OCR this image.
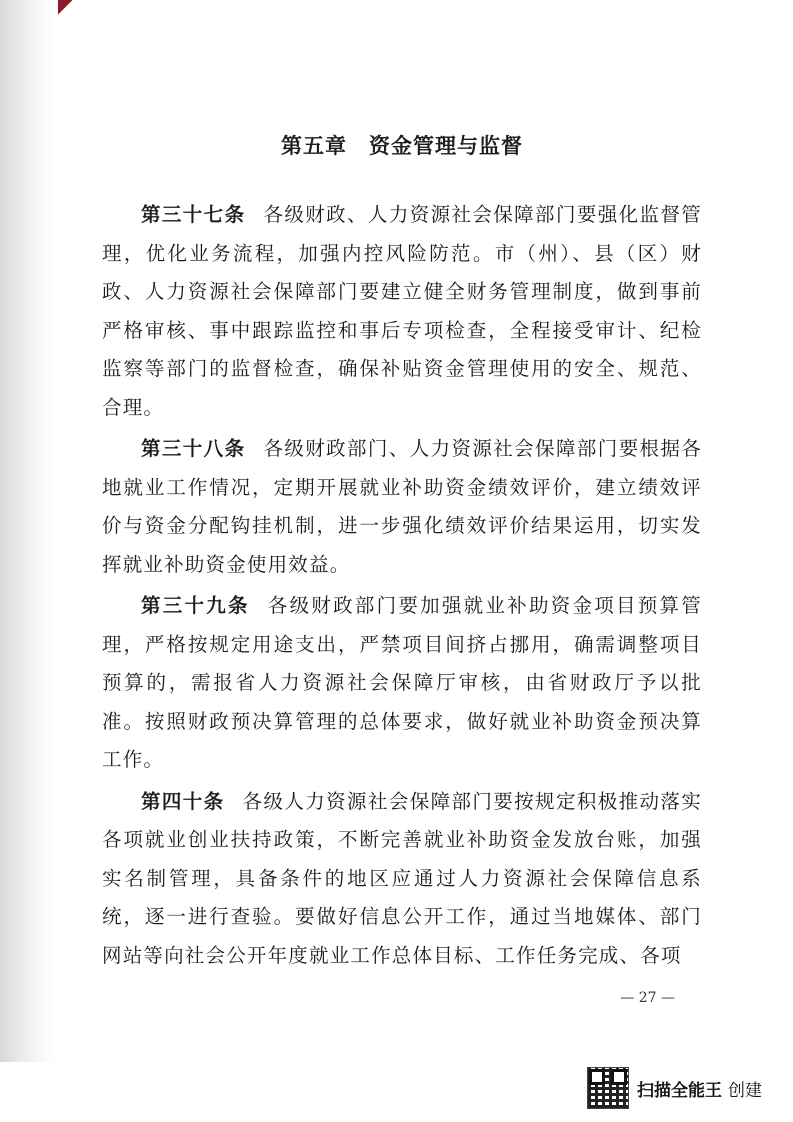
第五章　资金管理与监督

第三十七条 各级财政、人力资源社会保障部门要强化监督管理，优化业务流程，加强内控风险防范。市（州）、县（区）财政、人力资源社会保障部门要建立健全财务管理制度，做到事前严格审核、事中跟踪监控和事后专项检查，全程接受审计、纪检监察等部门的监督检查，确保补贴资金管理使用的安全、规范、合理。

第三十八条 各级财政部门、人力资源社会保障部门要根据各地就业工作情况，定期开展就业补助资金绩效评价，建立绩效评价与资金分配钩挂机制，进一步强化绩效评价结果运用，切实发挥就业补助资金使用效益。

第三十九条 各级财政部门要加强就业补助资金项目预算管理，严格按规定用途支出，严禁项目间挤占挪用，确需调整项目预算的，需报省人力资源社会保障厅审核，由省财政厅予以批准。按照财政预决算管理的总体要求，做好就业补助资金预决算工作。

第四十条 各级人力资源社会保障部门要按规定积极推动落实各项就业创业扶持政策，不断完善就业补助资金发放台账，加强实名制管理，具备条件的地区应通过人力资源社会保障信息系统，逐一进行查验。要做好信息公开工作，通过当地媒体、部门网站等向社会公开年度就业工作总体目标、工作任务完成、各项

— 27 —
扫描全能王 创建
